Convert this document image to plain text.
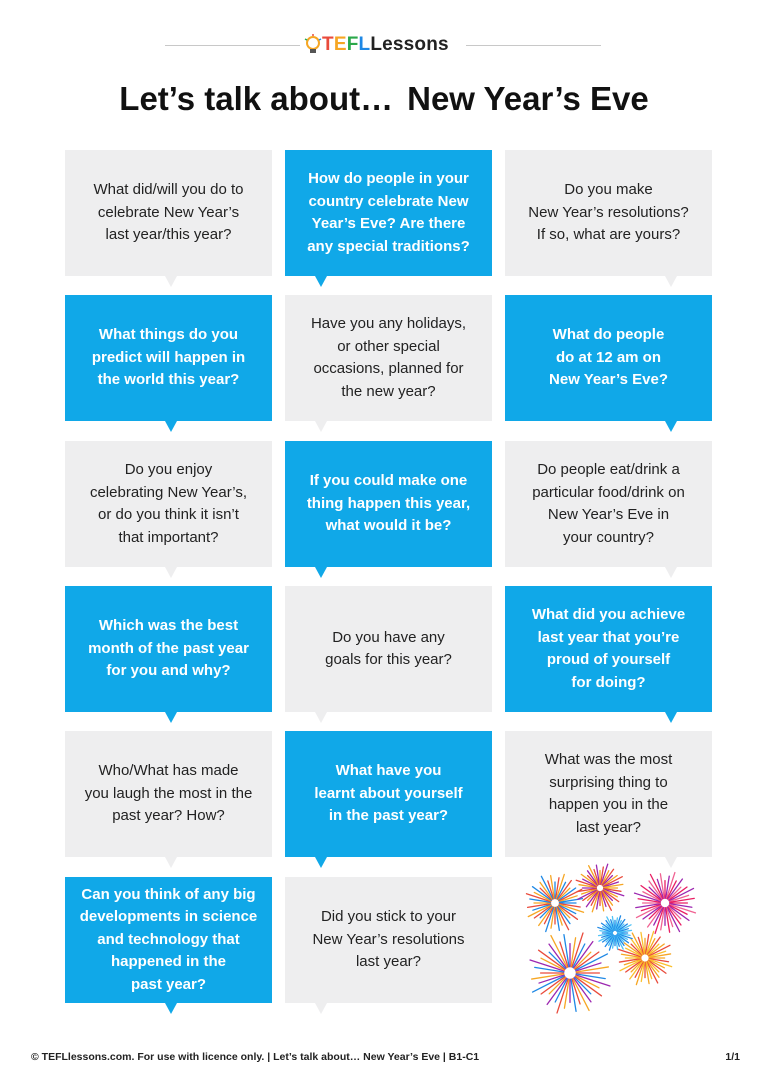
TEFLLessons
Let’s talk about… New Year’s Eve
What did/will you do to
celebrate New Year’s
last year/this year?
How do people in your
country celebrate New
Year’s Eve? Are there
any special traditions?
Do you make
New Year’s resolutions?
If so, what are yours?
What things do you
predict will happen in
the world this year?
Have you any holidays,
or other special
occasions, planned for
the new year?
What do people
do at 12 am on
New Year’s Eve?
Do you enjoy
celebrating New Year’s,
or do you think it isn’t
that important?
If you could make one
thing happen this year,
what would it be?
Do people eat/drink a
particular food/drink on
New Year’s Eve in
your country?
Which was the best
month of the past year
for you and why?
Do you have any
goals for this year?
What did you achieve
last year that you’re
proud of yourself
for doing?
Who/What has made
you laugh the most in the
past year? How?
What have you
learnt about yourself
in the past year?
What was the most
surprising thing to
happen you in the
last year?
Can you think of any big
developments in science
and technology that
happened in the
past year?
Did you stick to your
New Year’s resolutions
last year?
© TEFLlessons.com. For use with licence only. | Let’s talk about… New Year’s Eve | B1-C1	1/1
